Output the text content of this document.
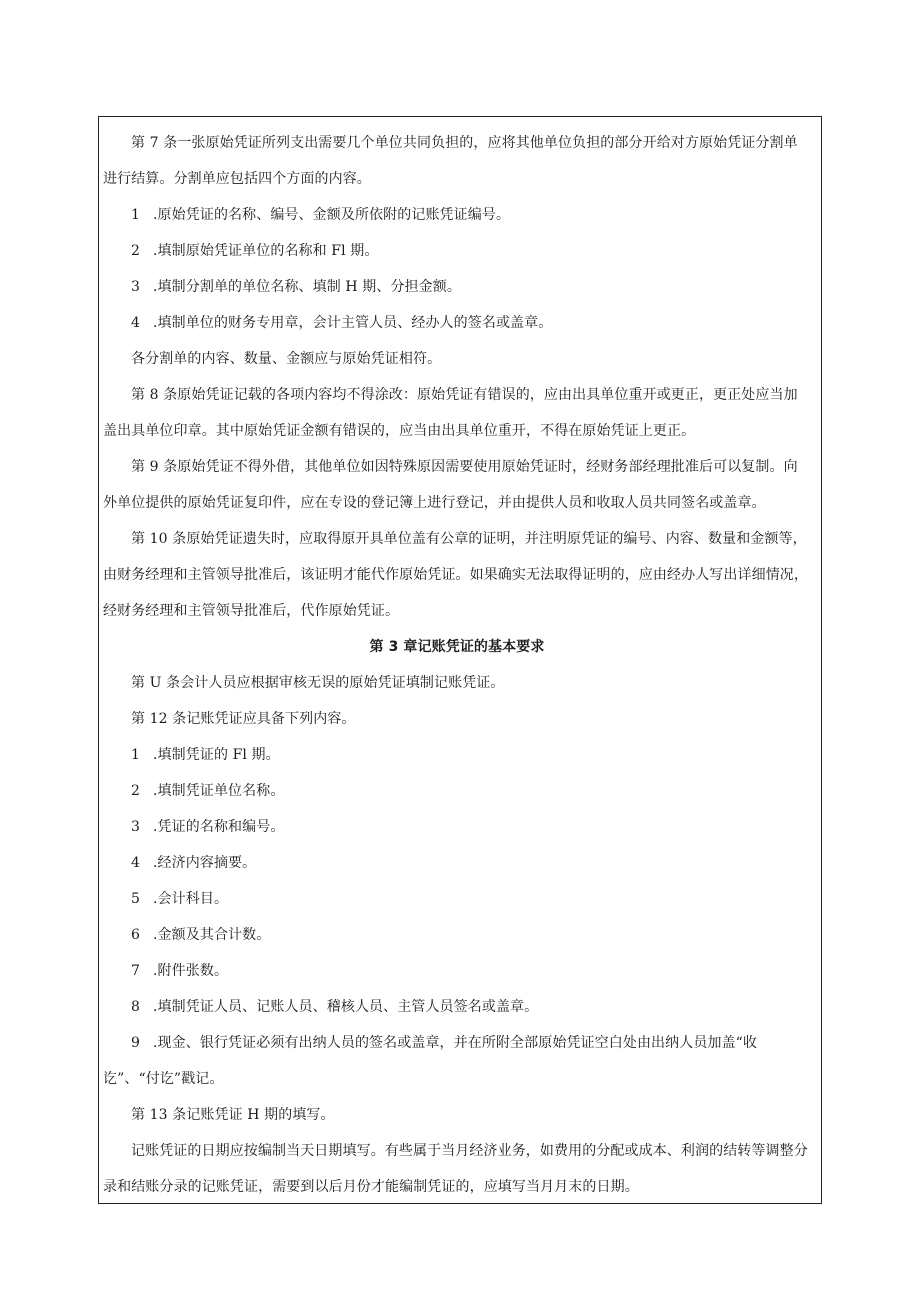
第 7 条一张原始凭证所列支出需要几个单位共同负担的，应将其他单位负担的部分开给对方原始凭证分割单进行结算。分割单应包括四个方面的内容。

1 .原始凭证的名称、编号、金额及所依附的记账凭证编号。

2 .填制原始凭证单位的名称和 Fl 期。

3 .填制分割单的单位名称、填制 H 期、分担金额。

4 .填制单位的财务专用章，会计主管人员、经办人的签名或盖章。

各分割单的内容、数量、金额应与原始凭证相符。

第 8 条原始凭证记载的各项内容均不得涂改：原始凭证有错误的，应由出具单位重开或更正，更正处应当加盖出具单位印章。其中原始凭证金额有错误的，应当由出具单位重开，不得在原始凭证上更正。

第 9 条原始凭证不得外借，其他单位如因特殊原因需要使用原始凭证时，经财务部经理批准后可以复制。向外单位提供的原始凭证复印件，应在专设的登记簿上进行登记，并由提供人员和收取人员共同签名或盖章。

第 10 条原始凭证遗失时，应取得原开具单位盖有公章的证明，并注明原凭证的编号、内容、数量和金额等，由财务经理和主管领导批准后，该证明才能代作原始凭证。如果确实无法取得证明的，应由经办人写出详细情况，经财务经理和主管领导批准后，代作原始凭证。

第 3 章记账凭证的基本要求

第 U 条会计人员应根据审核无误的原始凭证填制记账凭证。

第 12 条记账凭证应具备下列内容。

1 .填制凭证的 Fl 期。

2 .填制凭证单位名称。

3 .凭证的名称和编号。

4 .经济内容摘要。

5 .会计科目。

6 .金额及其合计数。

7 .附件张数。

8 .填制凭证人员、记账人员、稽核人员、主管人员签名或盖章。

9 .现金、银行凭证必须有出纳人员的签名或盖章，并在所附全部原始凭证空白处由出纳人员加盖“收讫”、“付讫”戳记。

第 13 条记账凭证 H 期的填写。

记账凭证的日期应按编制当天日期填写。有些属于当月经济业务，如费用的分配或成本、利润的结转等调整分录和结账分录的记账凭证，需要到以后月份才能编制凭证的，应填写当月月末的日期。
